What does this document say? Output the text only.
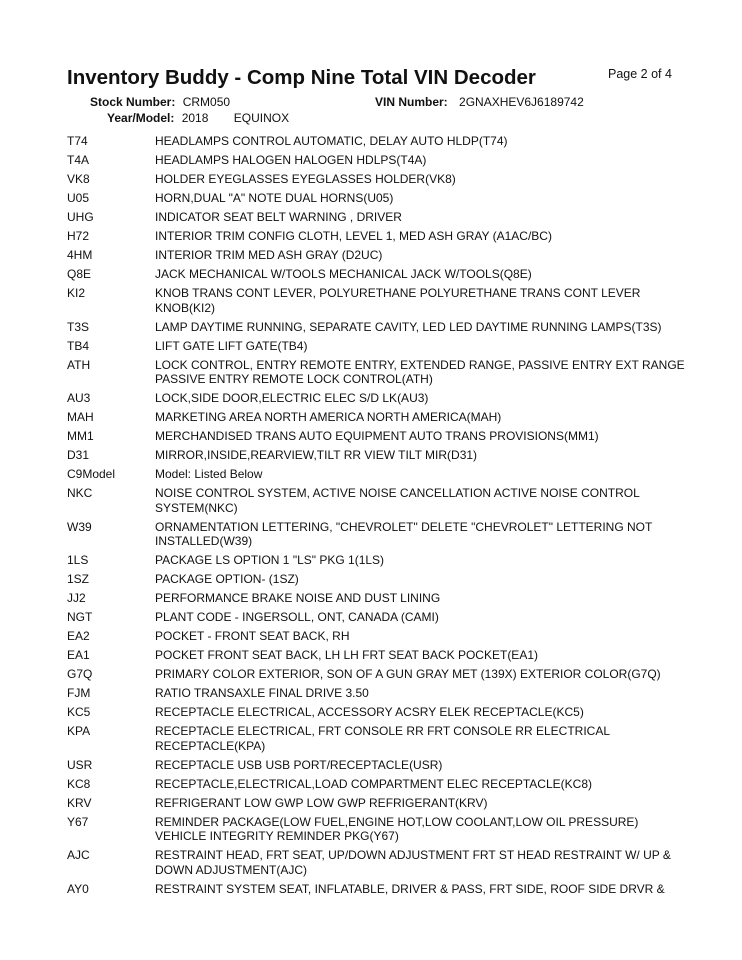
Inventory Buddy - Comp Nine Total VIN Decoder	Page 2 of 4
Stock Number: CRM050	VIN Number: 2GNAXHEV6J6189742
Year/Model: 2018 EQUINOX
T74	HEADLAMPS CONTROL AUTOMATIC, DELAY AUTO HLDP(T74)
T4A	HEADLAMPS HALOGEN HALOGEN HDLPS(T4A)
VK8	HOLDER EYEGLASSES EYEGLASSES HOLDER(VK8)
U05	HORN,DUAL "A" NOTE DUAL HORNS(U05)
UHG	INDICATOR SEAT BELT WARNING , DRIVER
H72	INTERIOR TRIM CONFIG CLOTH, LEVEL 1, MED ASH GRAY (A1AC/BC)
4HM	INTERIOR TRIM MED ASH GRAY (D2UC)
Q8E	JACK MECHANICAL W/TOOLS MECHANICAL JACK W/TOOLS(Q8E)
KI2	KNOB TRANS CONT LEVER, POLYURETHANE POLYURETHANE TRANS CONT LEVER KNOB(KI2)
T3S	LAMP DAYTIME RUNNING, SEPARATE CAVITY, LED LED DAYTIME RUNNING LAMPS(T3S)
TB4	LIFT GATE LIFT GATE(TB4)
ATH	LOCK CONTROL, ENTRY REMOTE ENTRY, EXTENDED RANGE, PASSIVE ENTRY EXT RANGE PASSIVE ENTRY REMOTE LOCK CONTROL(ATH)
AU3	LOCK,SIDE DOOR,ELECTRIC ELEC S/D LK(AU3)
MAH	MARKETING AREA NORTH AMERICA NORTH AMERICA(MAH)
MM1	MERCHANDISED TRANS AUTO EQUIPMENT AUTO TRANS PROVISIONS(MM1)
D31	MIRROR,INSIDE,REARVIEW,TILT RR VIEW TILT MIR(D31)
C9Model	Model: Listed Below
NKC	NOISE CONTROL SYSTEM, ACTIVE NOISE CANCELLATION ACTIVE NOISE CONTROL SYSTEM(NKC)
W39	ORNAMENTATION LETTERING, "CHEVROLET" DELETE "CHEVROLET" LETTERING NOT INSTALLED(W39)
1LS	PACKAGE LS OPTION 1 "LS" PKG 1(1LS)
1SZ	PACKAGE OPTION- (1SZ)
JJ2	PERFORMANCE BRAKE NOISE AND DUST LINING
NGT	PLANT CODE - INGERSOLL, ONT, CANADA (CAMI)
EA2	POCKET - FRONT SEAT BACK, RH
EA1	POCKET FRONT SEAT BACK, LH LH FRT SEAT BACK POCKET(EA1)
G7Q	PRIMARY COLOR EXTERIOR, SON OF A GUN GRAY MET (139X) EXTERIOR COLOR(G7Q)
FJM	RATIO TRANSAXLE FINAL DRIVE 3.50
KC5	RECEPTACLE ELECTRICAL, ACCESSORY ACSRY ELEK RECEPTACLE(KC5)
KPA	RECEPTACLE ELECTRICAL, FRT CONSOLE RR FRT CONSOLE RR ELECTRICAL RECEPTACLE(KPA)
USR	RECEPTACLE USB USB PORT/RECEPTACLE(USR)
KC8	RECEPTACLE,ELECTRICAL,LOAD COMPARTMENT ELEC RECEPTACLE(KC8)
KRV	REFRIGERANT LOW GWP LOW GWP REFRIGERANT(KRV)
Y67	REMINDER PACKAGE(LOW FUEL,ENGINE HOT,LOW COOLANT,LOW OIL PRESSURE) VEHICLE INTEGRITY REMINDER PKG(Y67)
AJC	RESTRAINT HEAD, FRT SEAT, UP/DOWN ADJUSTMENT FRT ST HEAD RESTRAINT W/ UP & DOWN ADJUSTMENT(AJC)
AY0	RESTRAINT SYSTEM SEAT, INFLATABLE, DRIVER & PASS, FRT SIDE, ROOF SIDE DRVR &
